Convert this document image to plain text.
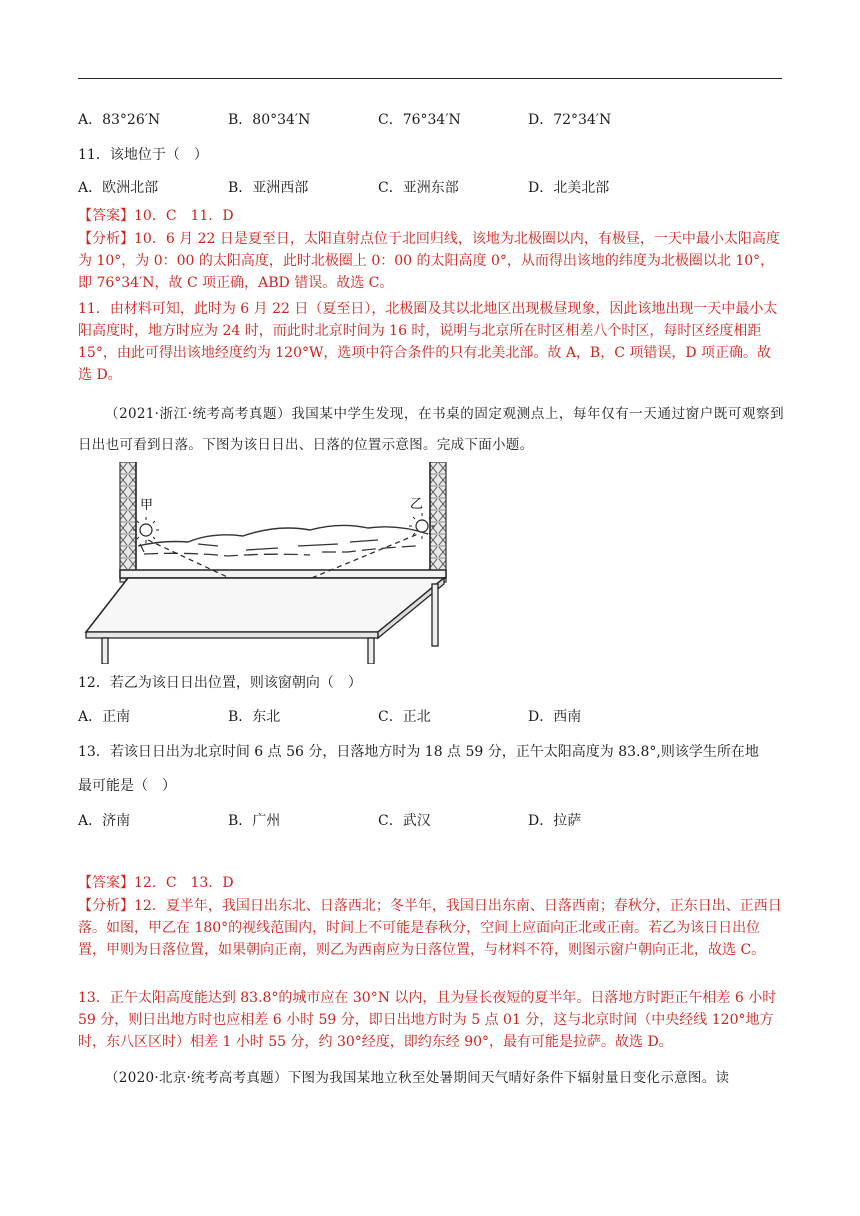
A．83°26′N	B．80°34′N	C．76°34′N	D．72°34′N
11．该地位于（　）
A．欧洲北部	B．亚洲西部	C．亚洲东部	D．北美北部
【答案】10．C　11．D
【分析】10．6 月 22 日是夏至日，太阳直射点位于北回归线，该地为北极圈以内，有极昼，一天中最小太阳高度为 10°，为 0：00 的太阳高度，此时北极圈上 0：00 的太阳高度 0°，从而得出该地的纬度为北极圈以北 10°，即 76°34′N，故 C 项正确，ABD 错误。故选 C。
11．由材料可知，此时为 6 月 22 日（夏至日），北极圈及其以北地区出现极昼现象，因此该地出现一天中最小太阳高度时，地方时应为 24 时，而此时北京时间为 16 时，说明与北京所在时区相差八个时区，每时区经度相距 15°，由此可得出该地经度约为 120°W，选项中符合条件的只有北美北部。故 A，B，C 项错误，D 项正确。故选 D。
（2021·浙江·统考高考真题）我国某中学生发现，在书桌的固定观测点上，每年仅有一天通过窗户既可观察到日出也可看到日落。下图为该日日出、日落的位置示意图。完成下面小题。
甲	乙
12．若乙为该日日出位置，则该窗朝向（　）
A．正南	B．东北	C．正北	D．西南
13．若该日日出为北京时间 6 点 56 分，日落地方时为 18 点 59 分，正午太阳高度为 83.8°,则该学生所在地
最可能是（　）
A．济南	B．广州	C．武汉	D．拉萨
【答案】12．C　13．D
【分析】12．夏半年，我国日出东北、日落西北；冬半年，我国日出东南、日落西南；春秋分，正东日出、正西日落。如图，甲乙在 180°的视线范围内，时间上不可能是春秋分，空间上应面向正北或正南。若乙为该日日出位置，甲则为日落位置，如果朝向正南，则乙为西南应为日落位置，与材料不符，则图示窗户朝向正北，故选 C。
13．正午太阳高度能达到 83.8°的城市应在 30°N 以内，且为昼长夜短的夏半年。日落地方时距正午相差 6 小时 59 分，则日出地方时也应相差 6 小时 59 分，即日出地方时为 5 点 01 分，这与北京时间（中央经线 120°地方时，东八区区时）相差 1 小时 55 分，约 30°经度，即约东经 90°，最有可能是拉萨。故选 D。
（2020·北京·统考高考真题）下图为我国某地立秋至处暑期间天气晴好条件下辐射量日变化示意图。读
